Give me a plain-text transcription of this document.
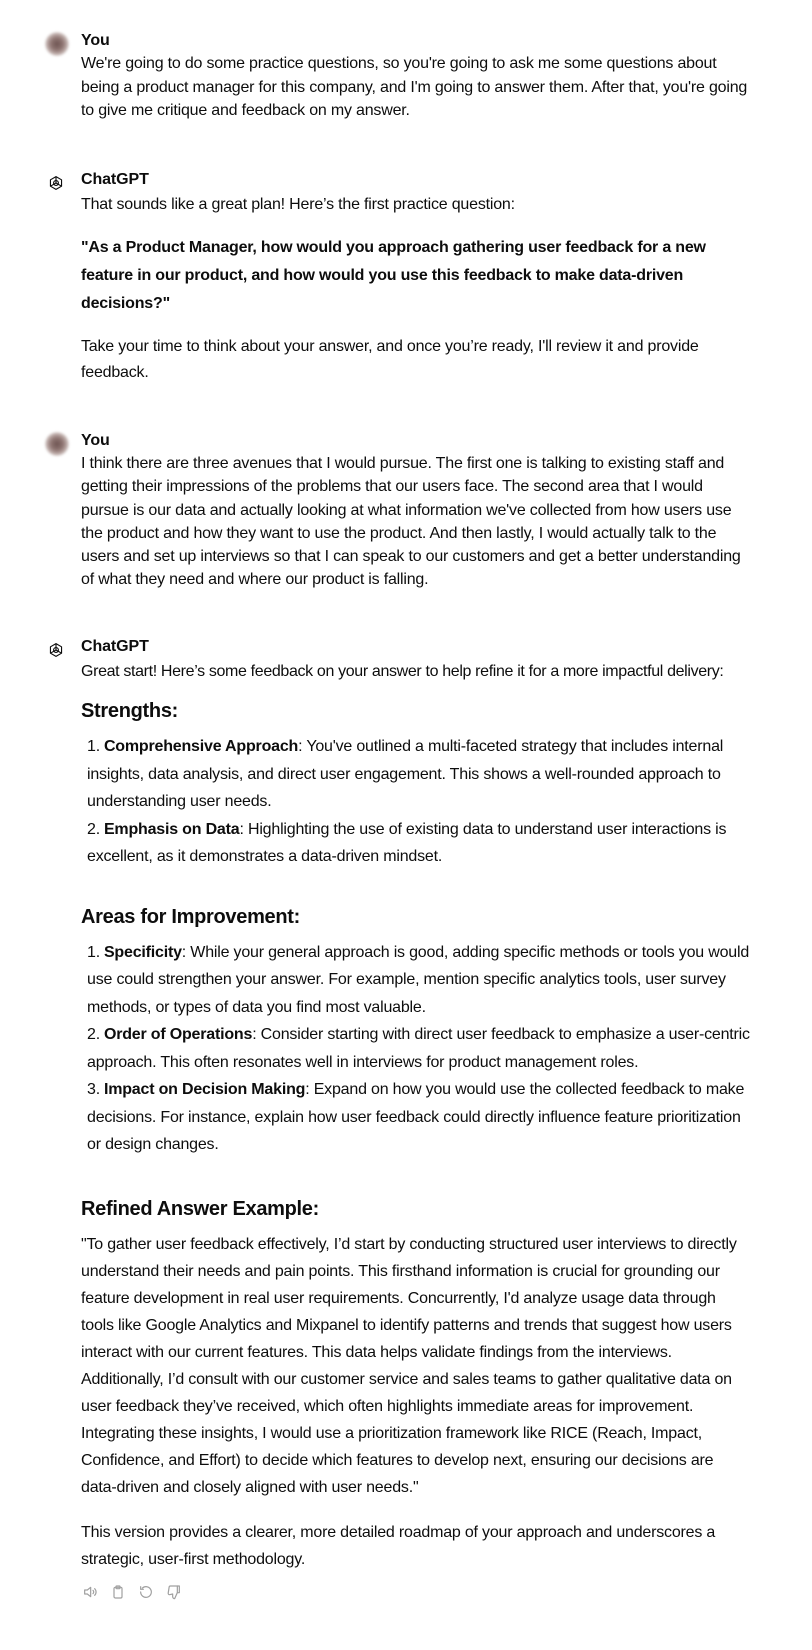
You
We're going to do some practice questions, so you're going to ask me some questions about being a product manager for this company, and I'm going to answer them. After that, you're going to give me critique and feedback on my answer.
ChatGPT
That sounds like a great plan! Here’s the first practice question:
"As a Product Manager, how would you approach gathering user feedback for a new feature in our product, and how would you use this feedback to make data-driven decisions?"
Take your time to think about your answer, and once you’re ready, I'll review it and provide feedback.
You
I think there are three avenues that I would pursue. The first one is talking to existing staff and getting their impressions of the problems that our users face. The second area that I would pursue is our data and actually looking at what information we've collected from how users use the product and how they want to use the product. And then lastly, I would actually talk to the users and set up interviews so that I can speak to our customers and get a better understanding of what they need and where our product is falling.
ChatGPT
Great start! Here’s some feedback on your answer to help refine it for a more impactful delivery:
Strengths:
1. Comprehensive Approach: You've outlined a multi-faceted strategy that includes internal insights, data analysis, and direct user engagement. This shows a well-rounded approach to understanding user needs.
2. Emphasis on Data: Highlighting the use of existing data to understand user interactions is excellent, as it demonstrates a data-driven mindset.
Areas for Improvement:
1. Specificity: While your general approach is good, adding specific methods or tools you would use could strengthen your answer. For example, mention specific analytics tools, user survey methods, or types of data you find most valuable.
2. Order of Operations: Consider starting with direct user feedback to emphasize a user-centric approach. This often resonates well in interviews for product management roles.
3. Impact on Decision Making: Expand on how you would use the collected feedback to make decisions. For instance, explain how user feedback could directly influence feature prioritization or design changes.
Refined Answer Example:
"To gather user feedback effectively, I’d start by conducting structured user interviews to directly understand their needs and pain points. This firsthand information is crucial for grounding our feature development in real user requirements. Concurrently, I'd analyze usage data through tools like Google Analytics and Mixpanel to identify patterns and trends that suggest how users interact with our current features. This data helps validate findings from the interviews. Additionally, I’d consult with our customer service and sales teams to gather qualitative data on user feedback they’ve received, which often highlights immediate areas for improvement. Integrating these insights, I would use a prioritization framework like RICE (Reach, Impact, Confidence, and Effort) to decide which features to develop next, ensuring our decisions are data-driven and closely aligned with user needs."
This version provides a clearer, more detailed roadmap of your approach and underscores a strategic, user-first methodology.
